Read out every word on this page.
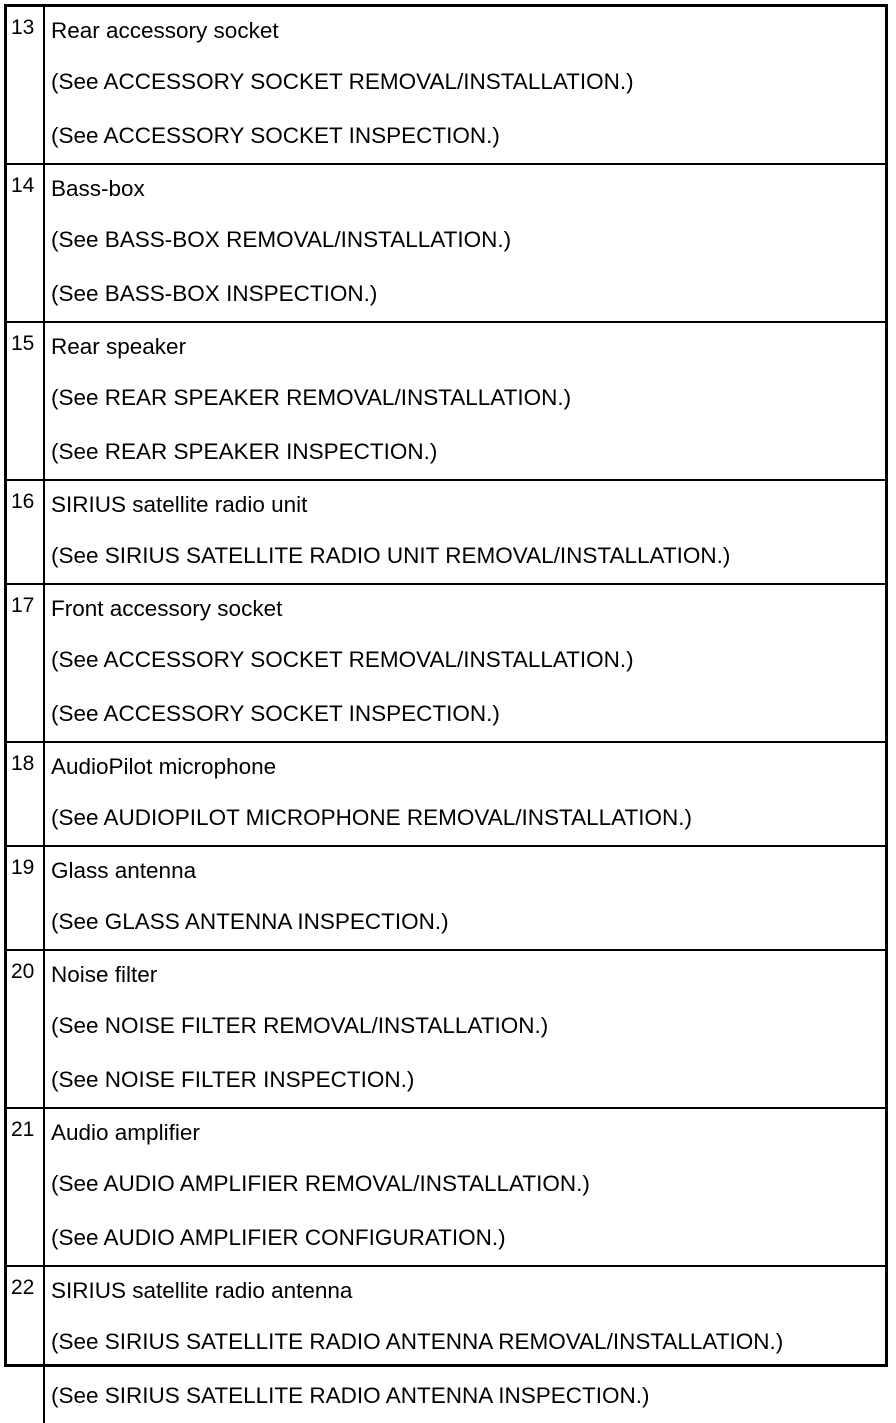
13	Rear accessory socket
(See ACCESSORY SOCKET REMOVAL/INSTALLATION.)
(See ACCESSORY SOCKET INSPECTION.)

14	Bass-box
(See BASS-BOX REMOVAL/INSTALLATION.)
(See BASS-BOX INSPECTION.)

15	Rear speaker
(See REAR SPEAKER REMOVAL/INSTALLATION.)
(See REAR SPEAKER INSPECTION.)

16	SIRIUS satellite radio unit
(See SIRIUS SATELLITE RADIO UNIT REMOVAL/INSTALLATION.)

17	Front accessory socket
(See ACCESSORY SOCKET REMOVAL/INSTALLATION.)
(See ACCESSORY SOCKET INSPECTION.)

18	AudioPilot microphone
(See AUDIOPILOT MICROPHONE REMOVAL/INSTALLATION.)

19	Glass antenna
(See GLASS ANTENNA INSPECTION.)

20	Noise filter
(See NOISE FILTER REMOVAL/INSTALLATION.)
(See NOISE FILTER INSPECTION.)

21	Audio amplifier
(See AUDIO AMPLIFIER REMOVAL/INSTALLATION.)
(See AUDIO AMPLIFIER CONFIGURATION.)

22	SIRIUS satellite radio antenna
(See SIRIUS SATELLITE RADIO ANTENNA REMOVAL/INSTALLATION.)
(See SIRIUS SATELLITE RADIO ANTENNA INSPECTION.)
